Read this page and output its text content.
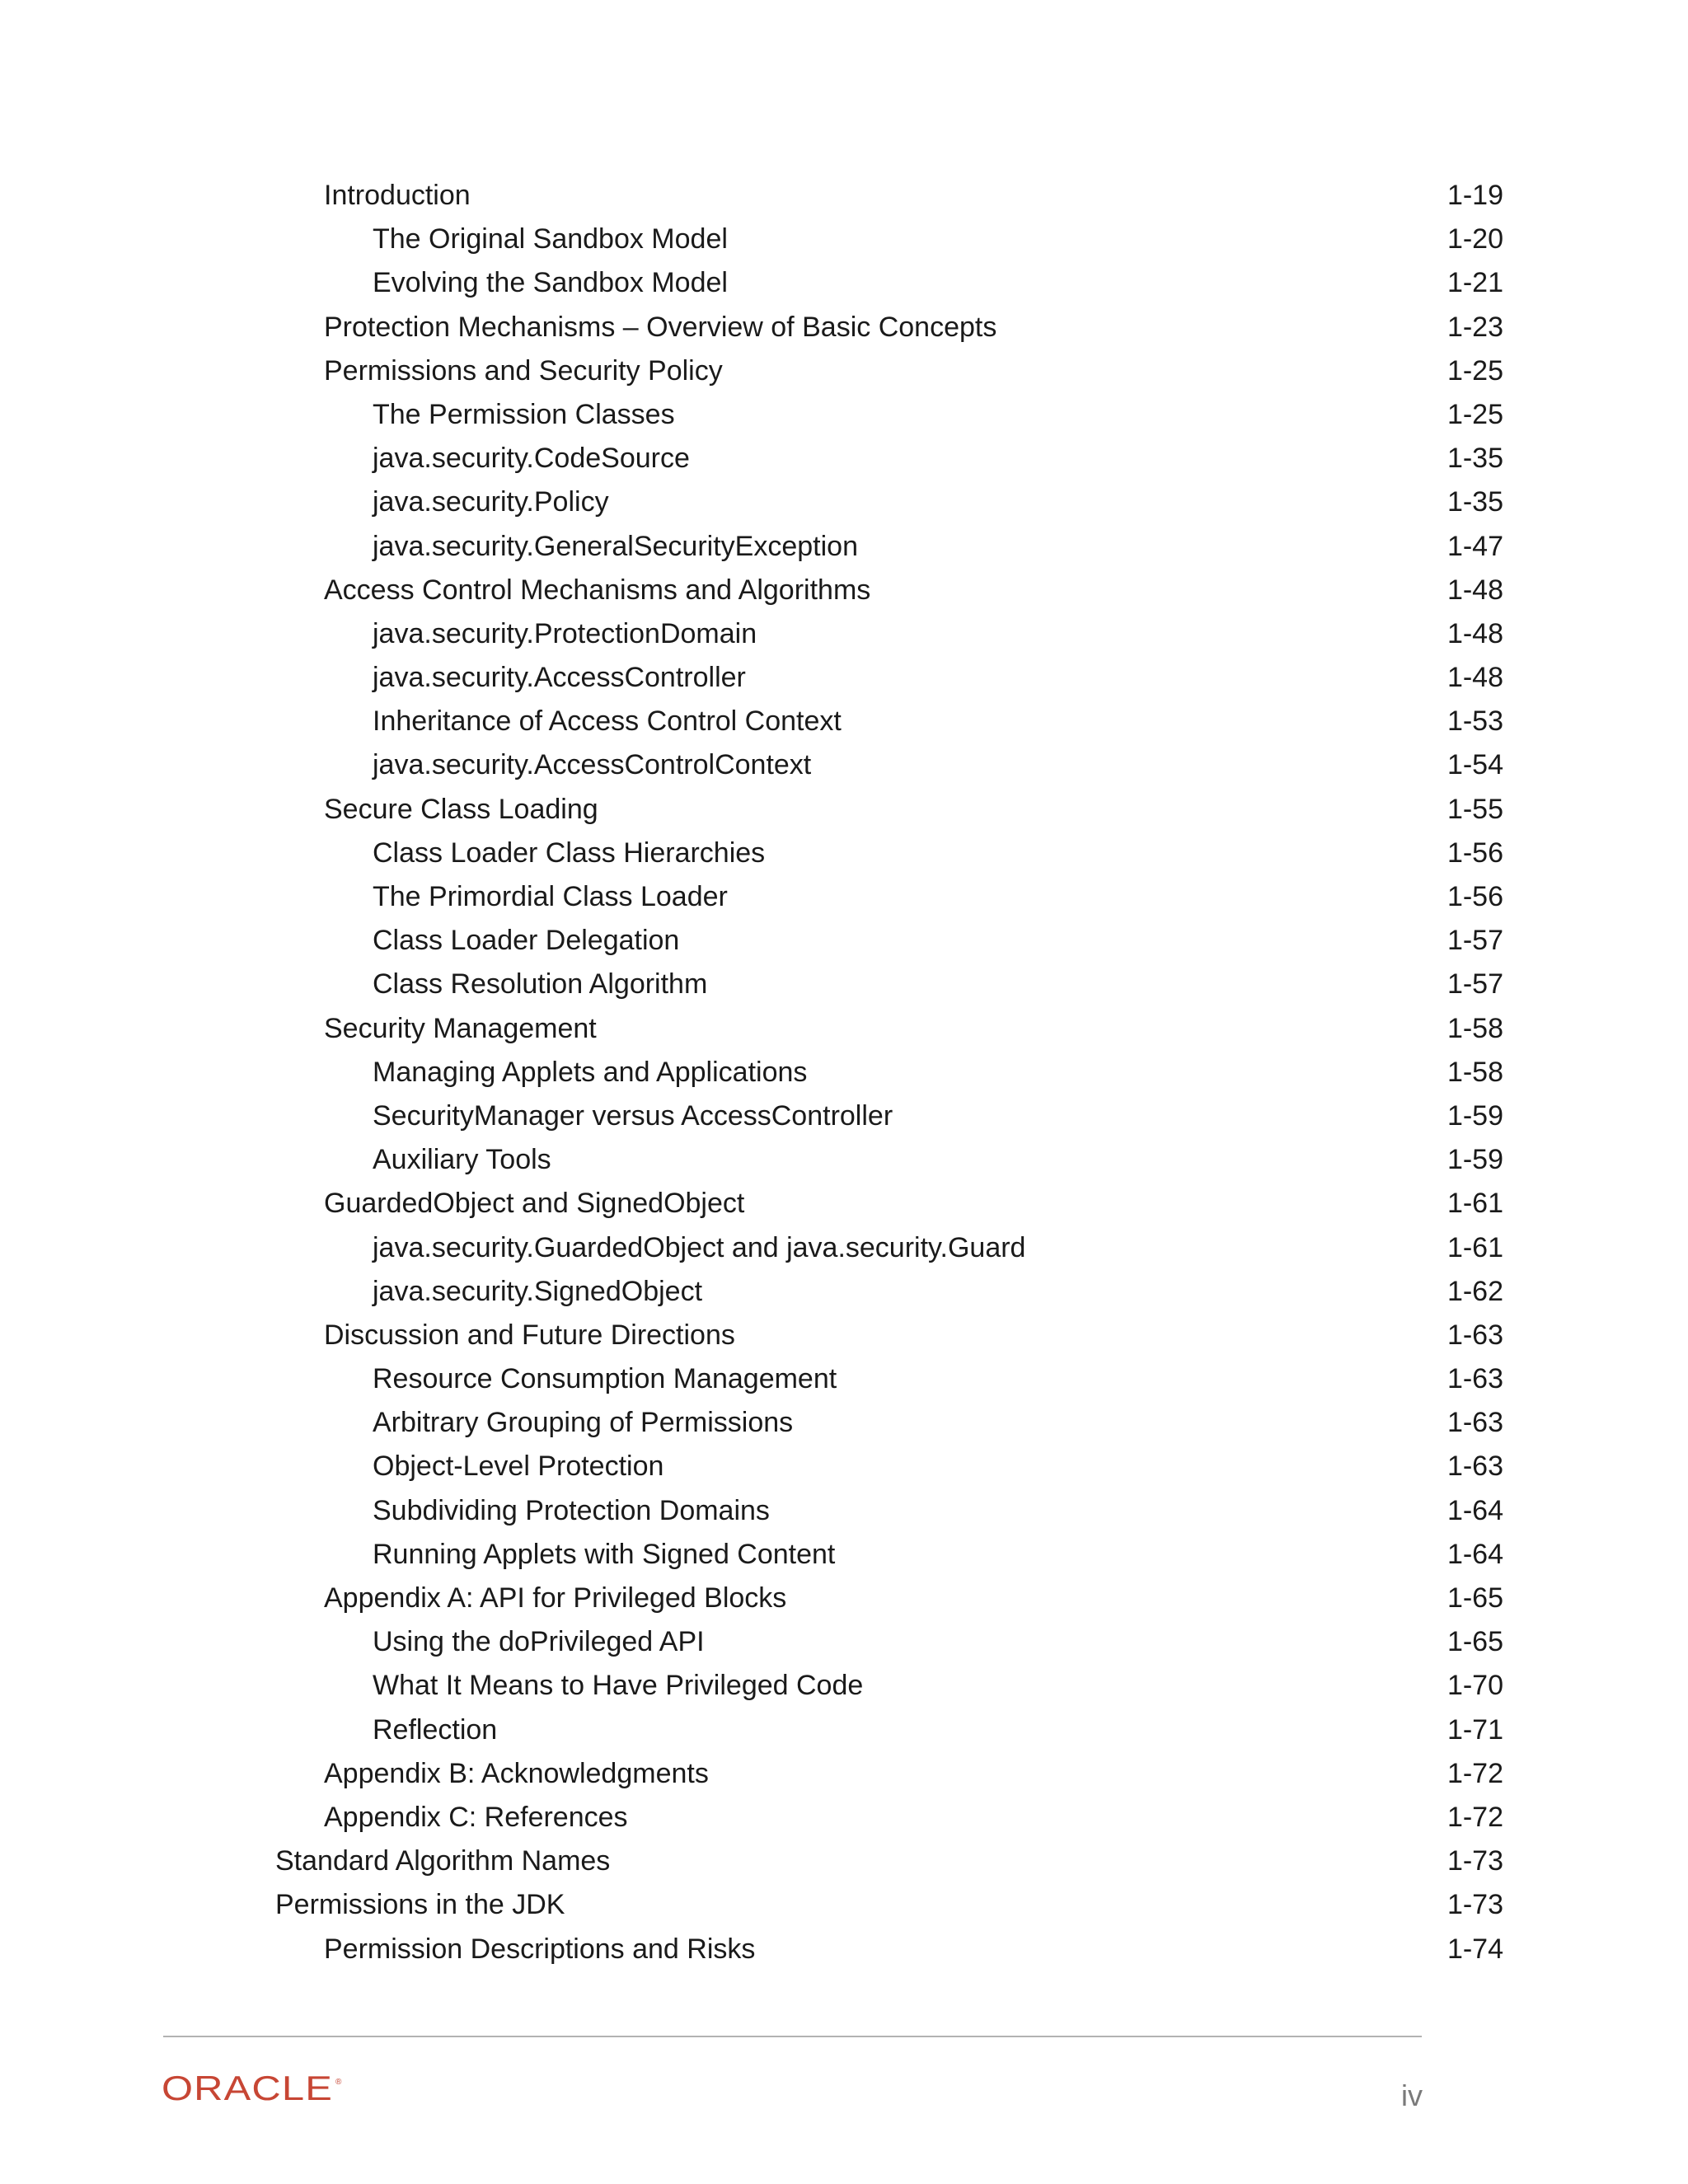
Introduction	1-19
The Original Sandbox Model	1-20
Evolving the Sandbox Model	1-21
Protection Mechanisms – Overview of Basic Concepts	1-23
Permissions and Security Policy	1-25
The Permission Classes	1-25
java.security.CodeSource	1-35
java.security.Policy	1-35
java.security.GeneralSecurityException	1-47
Access Control Mechanisms and Algorithms	1-48
java.security.ProtectionDomain	1-48
java.security.AccessController	1-48
Inheritance of Access Control Context	1-53
java.security.AccessControlContext	1-54
Secure Class Loading	1-55
Class Loader Class Hierarchies	1-56
The Primordial Class Loader	1-56
Class Loader Delegation	1-57
Class Resolution Algorithm	1-57
Security Management	1-58
Managing Applets and Applications	1-58
SecurityManager versus AccessController	1-59
Auxiliary Tools	1-59
GuardedObject and SignedObject	1-61
java.security.GuardedObject and java.security.Guard	1-61
java.security.SignedObject	1-62
Discussion and Future Directions	1-63
Resource Consumption Management	1-63
Arbitrary Grouping of Permissions	1-63
Object-Level Protection	1-63
Subdividing Protection Domains	1-64
Running Applets with Signed Content	1-64
Appendix A: API for Privileged Blocks	1-65
Using the doPrivileged API	1-65
What It Means to Have Privileged Code	1-70
Reflection	1-71
Appendix B: Acknowledgments	1-72
Appendix C: References	1-72
Standard Algorithm Names	1-73
Permissions in the JDK	1-73
Permission Descriptions and Risks	1-74
ORACLE ®	iv
